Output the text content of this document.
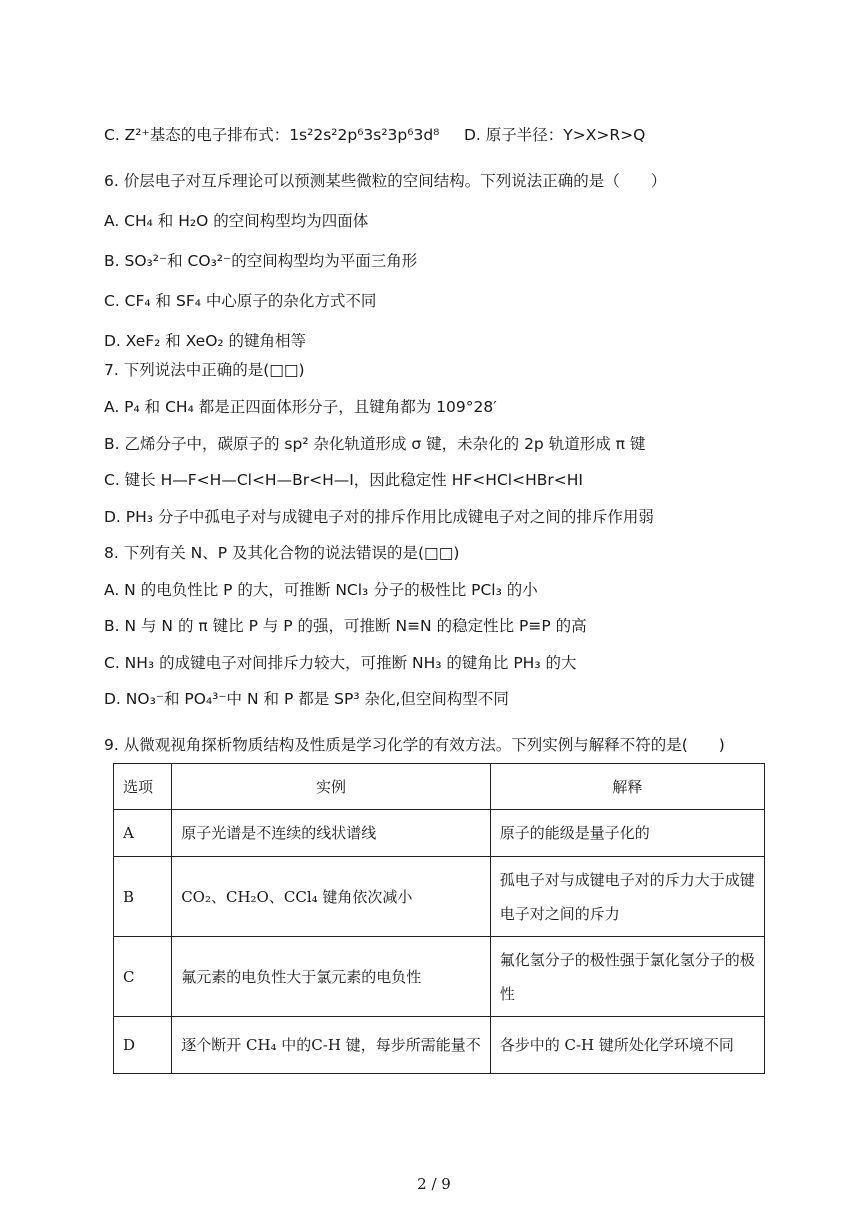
C. Z²⁺基态的电子排布式：1s²2s²2p⁶3s²3p⁶3d⁸ D. 原子半径：Y>X>R>Q
6. 价层电子对互斥理论可以预测某些微粒的空间结构。下列说法正确的是（　　）
A. CH₄ 和 H₂O 的空间构型均为四面体
B. SO₃²⁻和 CO₃²⁻的空间构型均为平面三角形
C. CF₄ 和 SF₄ 中心原子的杂化方式不同
D. XeF₂ 和 XeO₂ 的键角相等
7. 下列说法中正确的是(□□)
A. P₄ 和 CH₄ 都是正四面体形分子，且键角都为 109°28′
B. 乙烯分子中，碳原子的 sp² 杂化轨道形成 σ 键，未杂化的 2p 轨道形成 π 键
C. 键长 H—F<H—Cl<H—Br<H—I，因此稳定性 HF<HCl<HBr<HI
D. PH₃ 分子中孤电子对与成键电子对的排斥作用比成键电子对之间的排斥作用弱
8. 下列有关 N、P 及其化合物的说法错误的是(□□)
A. N 的电负性比 P 的大，可推断 NCl₃ 分子的极性比 PCl₃ 的小
B. N 与 N 的 π 键比 P 与 P 的强，可推断 N≡N 的稳定性比 P≡P 的高
C. NH₃ 的成键电子对间排斥力较大，可推断 NH₃ 的键角比 PH₃ 的大
D. NO₃⁻和 PO₄³⁻中 N 和 P 都是 SP³ 杂化,但空间构型不同
9. 从微观视角探析物质结构及性质是学习化学的有效方法。下列实例与解释不符的是(　　)
选项	实例	解释
A	原子光谱是不连续的线状谱线	原子的能级是量子化的
B	CO₂、CH₂O、CCl₄ 键角依次减小	孤电子对与成键电子对的斥力大于成键电子对之间的斥力
C	氟元素的电负性大于氯元素的电负性	氟化氢分子的极性强于氯化氢分子的极性
D	逐个断开 CH₄ 中的C-H 键，每步所需能量不	各步中的 C-H 键所处化学环境不同
2 / 9
